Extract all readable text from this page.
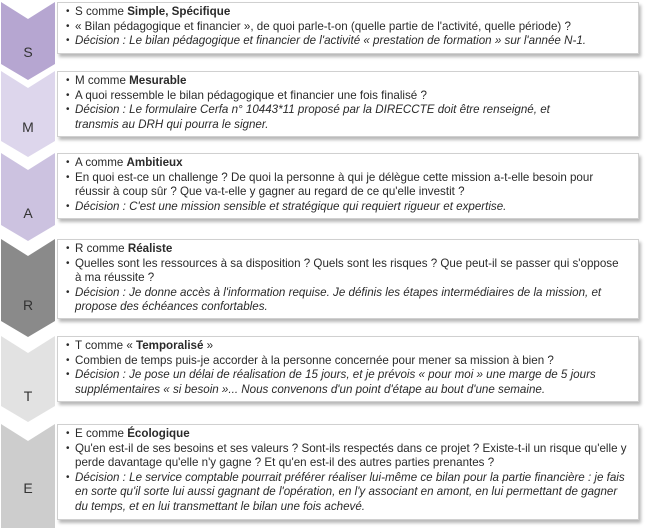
S
• S comme Simple, Spécifique
• « Bilan pédagogique et financier », de quoi parle-t-on (quelle partie de l'activité, quelle période) ?
• Décision : Le bilan pédagogique et financier de l'activité « prestation de formation » sur l'année N-1.
M
• M comme Mesurable
• A quoi ressemble le bilan pédagogique et financier une fois finalisé ?
• Décision : Le formulaire Cerfa n° 10443*11 proposé par la DIRECCTE doit être renseigné, et transmis au DRH qui pourra le signer.
A
• A comme Ambitieux
• En quoi est-ce un challenge ? De quoi la personne à qui je délègue cette mission a-t-elle besoin pour réussir à coup sûr ? Que va-t-elle y gagner au regard de ce qu'elle investit ?
• Décision : C'est une mission sensible et stratégique qui requiert rigueur et expertise.
R
• R comme Réaliste
• Quelles sont les ressources à sa disposition ? Quels sont les risques ? Que peut-il se passer qui s'oppose à ma réussite ?
• Décision : Je donne accès à l'information requise. Je définis les étapes intermédiaires de la mission, et propose des échéances confortables.
T
• T comme « Temporalisé »
• Combien de temps puis-je accorder à la personne concernée pour mener sa mission à bien ?
• Décision : Je pose un délai de réalisation de 15 jours, et je prévois « pour moi » une marge de 5 jours supplémentaires « si besoin »... Nous convenons d'un point d'étape au bout d'une semaine.
E
• E comme Écologique
• Qu'en est-il de ses besoins et ses valeurs ? Sont-ils respectés dans ce projet ? Existe-t-il un risque qu'elle y perde davantage qu'elle n'y gagne ? Et qu'en est-il des autres parties prenantes ?
• Décision : Le service comptable pourrait préférer réaliser lui-même ce bilan pour la partie financière : je fais en sorte qu'il sorte lui aussi gagnant de l'opération, en l'y associant en amont, en lui permettant de gagner du temps, et en lui transmettant le bilan une fois achevé.
